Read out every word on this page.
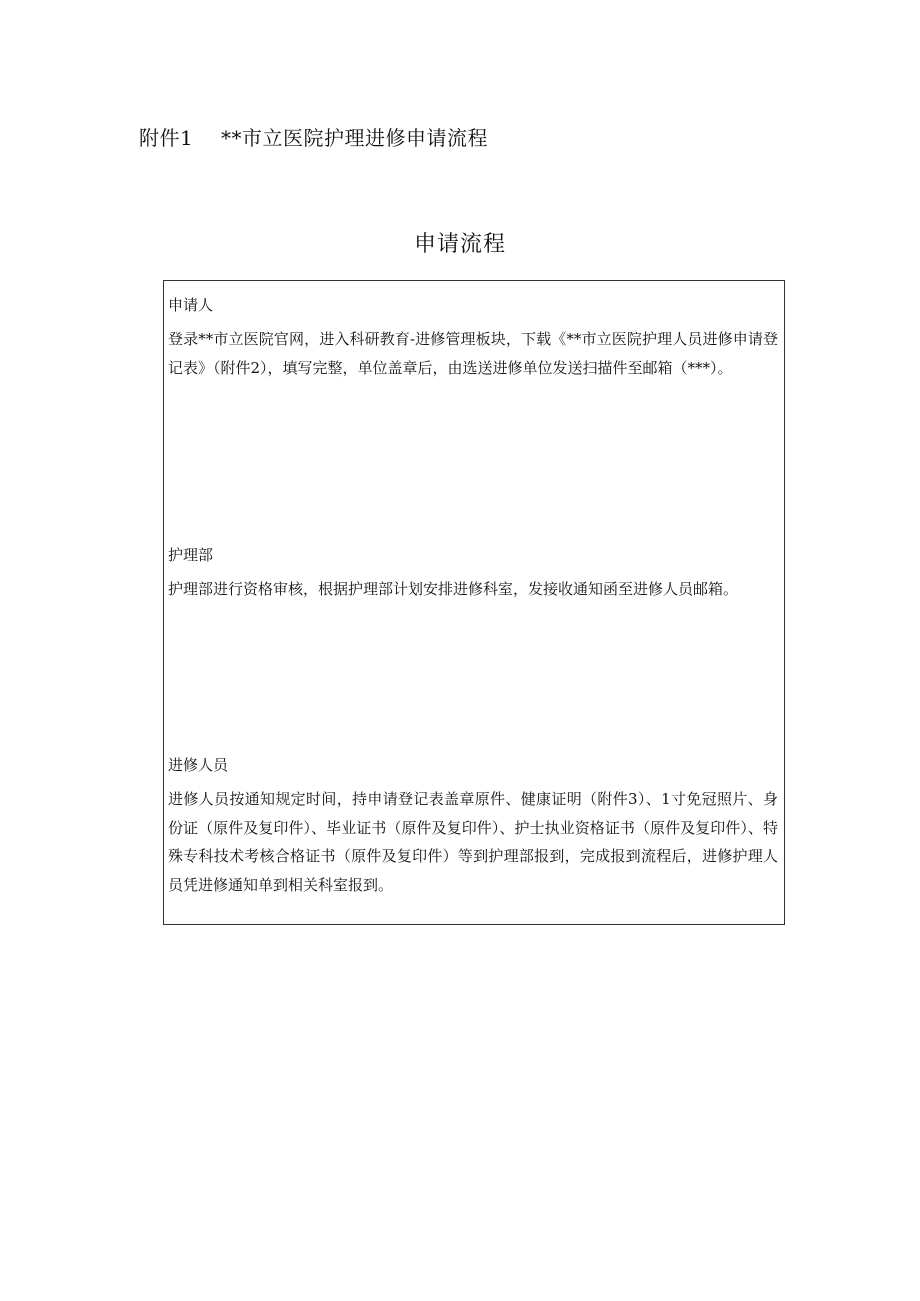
附件1 **市立医院护理进修申请流程
申请流程
申请人
登录**市立医院官网，进入科研教育-进修管理板块，下载《**市立医院护理人员进修申请登记表》（附件2），填写完整，单位盖章后，由选送进修单位发送扫描件至邮箱（***）。
护理部
护理部进行资格审核，根据护理部计划安排进修科室，发接收通知函至进修人员邮箱。
进修人员
进修人员按通知规定时间，持申请登记表盖章原件、健康证明（附件3）、1寸免冠照片、身份证（原件及复印件）、毕业证书（原件及复印件）、护士执业资格证书（原件及复印件）、特殊专科技术考核合格证书（原件及复印件）等到护理部报到，完成报到流程后，进修护理人员凭进修通知单到相关科室报到。
